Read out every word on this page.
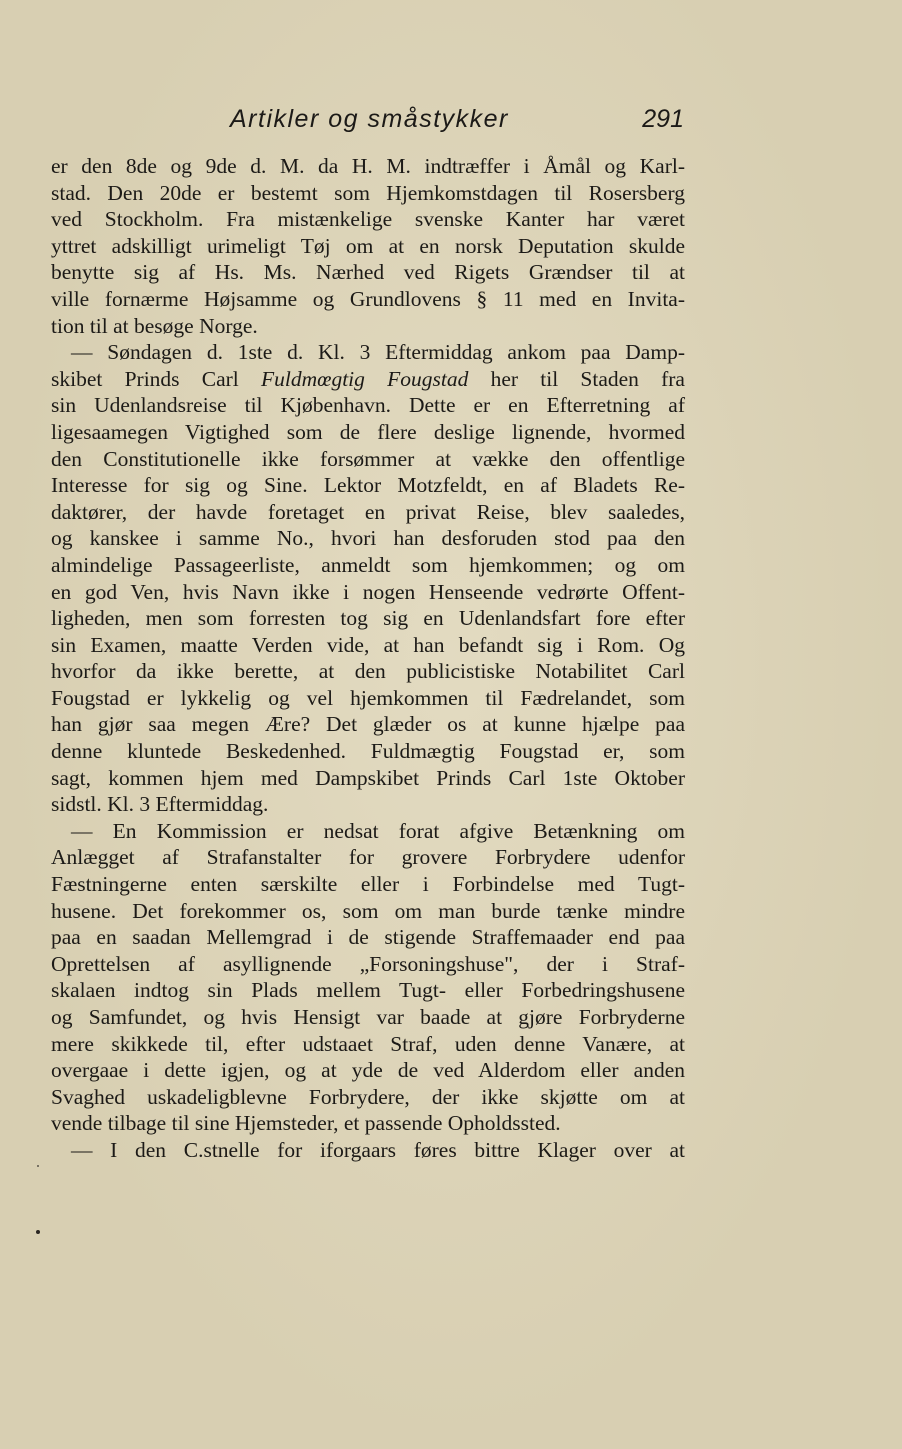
Artikler og småstykker	291
er den 8de og 9de d. M. da H. M. indtræffer i Åmål og Karl-
stad. Den 20de er bestemt som Hjemkomstdagen til Rosersberg
ved Stockholm. Fra mistænkelige svenske Kanter har været
yttret adskilligt urimeligt Tøj om at en norsk Deputation skulde
benytte sig af Hs. Ms. Nærhed ved Rigets Grændser til at
ville fornærme Højsamme og Grundlovens § 11 med en Invita-
tion til at besøge Norge.
— Søndagen d. 1ste d. Kl. 3 Eftermiddag ankom paa Damp-
skibet Prinds Carl Fuldmœgtig Fougstad her til Staden fra
sin Udenlandsreise til Kjøbenhavn. Dette er en Efterretning af
ligesaamegen Vigtighed som de flere deslige lignende, hvormed
den Constitutionelle ikke forsømmer at vække den offentlige
Interesse for sig og Sine. Lektor Motzfeldt, en af Bladets Re-
daktører, der havde foretaget en privat Reise, blev saaledes,
og kanskee i samme No., hvori han desforuden stod paa den
almindelige Passageerliste, anmeldt som hjemkommen; og om
en god Ven, hvis Navn ikke i nogen Henseende vedrørte Offent-
ligheden, men som forresten tog sig en Udenlandsfart fore efter
sin Examen, maatte Verden vide, at han befandt sig i Rom. Og
hvorfor da ikke berette, at den publicistiske Notabilitet Carl
Fougstad er lykkelig og vel hjemkommen til Fædrelandet, som
han gjør saa megen Ære? Det glæder os at kunne hjælpe paa
denne kluntede Beskedenhed. Fuldmægtig Fougstad er, som
sagt, kommen hjem med Dampskibet Prinds Carl 1ste Oktober
sidstl. Kl. 3 Eftermiddag.
— En Kommission er nedsat forat afgive Betænkning om
Anlægget af Strafanstalter for grovere Forbrydere udenfor
Fæstningerne enten særskilte eller i Forbindelse med Tugt-
husene. Det forekommer os, som om man burde tænke mindre
paa en saadan Mellemgrad i de stigende Straffemaader end paa
Oprettelsen af asyllignende „Forsoningshuse", der i Straf-
skalaen indtog sin Plads mellem Tugt- eller Forbedringshusene
og Samfundet, og hvis Hensigt var baade at gjøre Forbryderne
mere skikkede til, efter udstaaet Straf, uden denne Vanære, at
overgaae i dette igjen, og at yde de ved Alderdom eller anden
Svaghed uskadeligblevne Forbrydere, der ikke skjøtte om at
vende tilbage til sine Hjemsteder, et passende Opholdssted.
— I den C.stnelle for iforgaars føres bittre Klager over at
